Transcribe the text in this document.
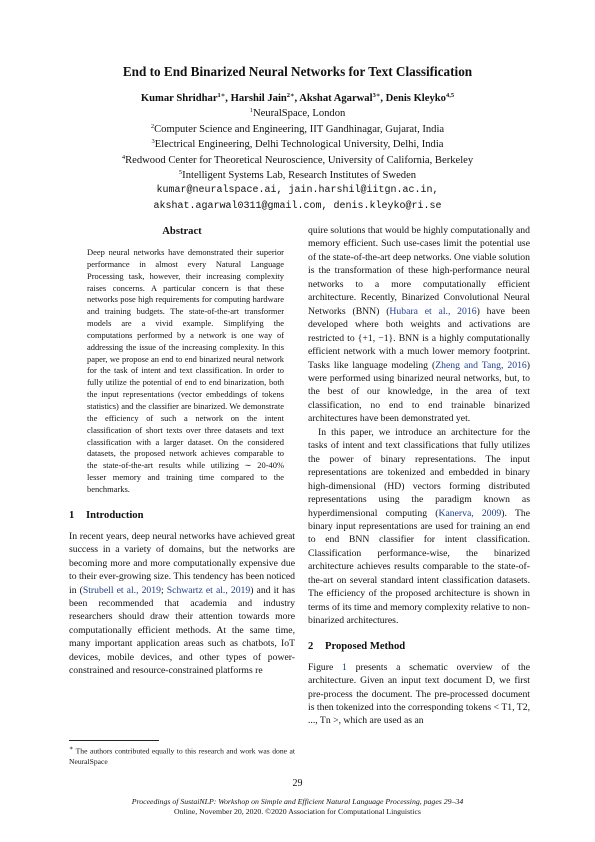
End to End Binarized Neural Networks for Text Classification
Kumar Shridhar$^{1∗}$, Harshil Jain$^{2∗}$, Akshat Agarwal$^{3∗}$, Denis Kleyko$^{4,5}$
$^1$NeuralSpace, London
$^2$Computer Science and Engineering, IIT Gandhinagar, Gujarat, India
$^3$Electrical Engineering, Delhi Technological University, Delhi, India
$^4$Redwood Center for Theoretical Neuroscience, University of California, Berkeley
$^5$Intelligent Systems Lab, Research Institutes of Sweden
kumar@neuralspace.ai, jain.harshil@iitgn.ac.in,
akshat.agarwal0311@gmail.com, denis.kleyko@ri.se
Abstract
Deep neural networks have demonstrated their superior performance in almost every Natural Language Processing task, however, their increasing complexity raises concerns. A particular concern is that these networks pose high requirements for computing hardware and training budgets. The state-of-the-art transformer models are a vivid example. Simplifying the computations performed by a network is one way of addressing the issue of the increasing complexity. In this paper, we propose an end to end binarized neural network for the task of intent and text classification. In order to fully utilize the potential of end to end binarization, both the input representations (vector embeddings of tokens statistics) and the classifier are binarized. We demonstrate the efficiency of such a network on the intent classification of short texts over three datasets and text classification with a larger dataset. On the considered datasets, the proposed network achieves comparable to the state-of-the-art results while utilizing ∼ 20-40% lesser memory and training time compared to the benchmarks.
1 Introduction

In recent years, deep neural networks have achieved great success in a variety of domains, but the networks are becoming more and more computationally expensive due to their ever-growing size. This tendency has been noticed in (Strubell et al., 2019; Schwartz et al., 2019) and it has been recommended that academia and industry researchers should draw their attention towards more computationally efficient methods. At the same time, many important application areas such as chatbots, IoT devices, mobile devices, and other types of power-constrained and resource-constrained platforms re

quire solutions that would be highly computationally and memory efficient. Such use-cases limit the potential use of the state-of-the-art deep networks. One viable solution is the transformation of these high-performance neural networks to a more computationally efficient architecture. Recently, Binarized Convolutional Neural Networks (BNN) (Hubara et al., 2016) have been developed where both weights and activations are restricted to {+1, −1}. BNN is a highly computationally efficient network with a much lower memory footprint. Tasks like language modeling (Zheng and Tang, 2016) were performed using binarized neural networks, but, to the best of our knowledge, in the area of text classification, no end to end trainable binarized architectures have been demonstrated yet.

In this paper, we introduce an architecture for the tasks of intent and text classifications that fully utilizes the power of binary representations. The input representations are tokenized and embedded in binary high-dimensional (HD) vectors forming distributed representations using the paradigm known as hyperdimensional computing (Kanerva, 2009). The binary input representations are used for training an end to end BNN classifier for intent classification. Classification performance-wise, the binarized architecture achieves results comparable to the state-of-the-art on several standard intent classification datasets. The efficiency of the proposed architecture is shown in terms of its time and memory complexity relative to non-binarized architectures.

2 Proposed Method

Figure 1 presents a schematic overview of the architecture. Given an input text document D, we first pre-process the document. The pre-processed document is then tokenized into the corresponding tokens < T1, T2, ..., Tn >, which are used as an

∗ The authors contributed equally to this research and work was done at NeuralSpace
29
Proceedings of SustaiNLP: Workshop on Simple and Efficient Natural Language Processing, pages 29–34
Online, November 20, 2020. ©2020 Association for Computational Linguistics
